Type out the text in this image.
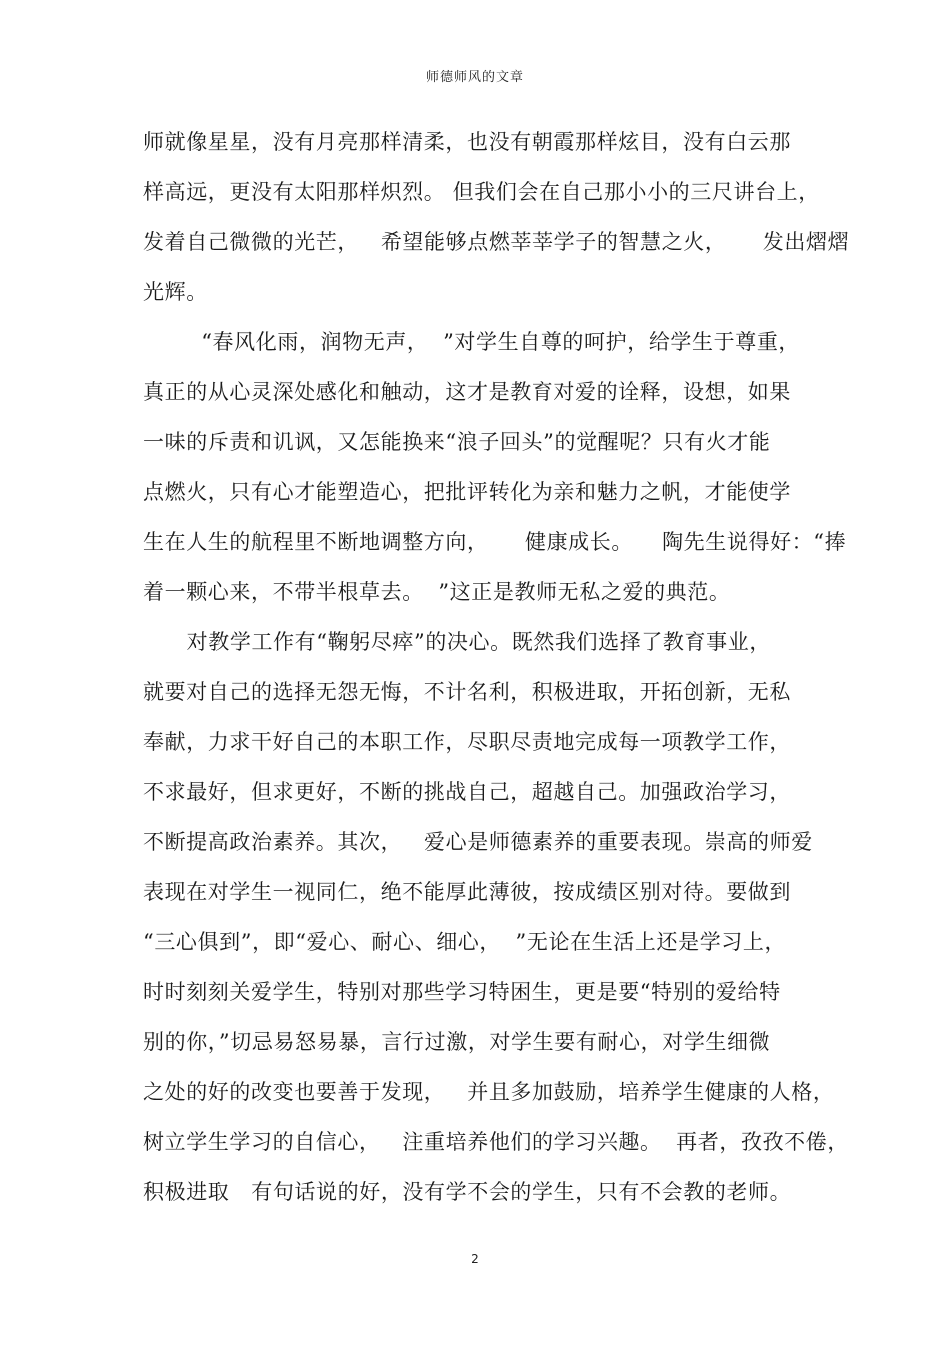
师德师风的文章
师就像星星，没有月亮那样清柔，也没有朝霞那样炫目，没有白云那
样高远，更没有太阳那样炽烈。 但我们会在自己那小小的三尺讲台上，
发着自己微微的光芒，   希望能够点燃莘莘学子的智慧之火，     发出熠熠
光辉。
“春风化雨，润物无声，  ”对学生自尊的呵护，给学生于尊重，
真正的从心灵深处感化和触动，这才是教育对爱的诠释，设想，如果
一味的斥责和讥讽，又怎能换来“浪子回头”的觉醒呢？只有火才能
点燃火，只有心才能塑造心，把批评转化为亲和魅力之帆，才能使学
生在人生的航程里不断地调整方向，     健康成长。    陶先生说得好：“捧
着一颗心来，不带半根草去。  ”这正是教师无私之爱的典范。
对教学工作有“鞠躬尽瘁”的决心。既然我们选择了教育事业，
就要对自己的选择无怨无悔，不计名利，积极进取，开拓创新，无私
奉献，力求干好自己的本职工作，尽职尽责地完成每一项教学工作，
不求最好，但求更好，不断的挑战自己，超越自己。加强政治学习，
不断提高政治素养。其次，   爱心是师德素养的重要表现。崇高的师爱
表现在对学生一视同仁，绝不能厚此薄彼，按成绩区别对待。要做到
“三心俱到”，即“爱心、耐心、细心，  ”无论在生活上还是学习上，
时时刻刻关爱学生，特别对那些学习特困生，更是要“特别的爱给特
别的你，”切忌易怒易暴，言行过激，对学生要有耐心，对学生细微
之处的好的改变也要善于发现，   并且多加鼓励，培养学生健康的人格，
树立学生学习的自信心，   注重培养他们的学习兴趣。  再者，孜孜不倦，
积极进取   有句话说的好，没有学不会的学生，只有不会教的老师。
2
